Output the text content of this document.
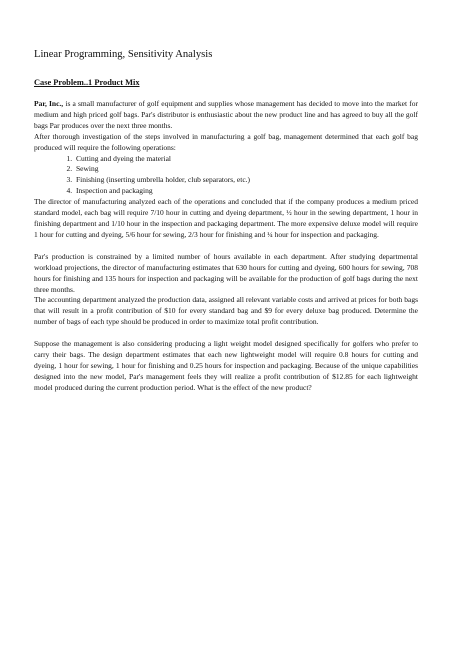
Linear Programming, Sensitivity Analysis
Case Problem..1 Product Mix

Par, Inc., is a small manufacturer of golf equipment and supplies whose management has decided to move into the market for medium and high priced golf bags. Par's distributor is enthusiastic about the new product line and has agreed to buy all the golf bags Par produces over the next three months.

After thorough investigation of the steps involved in manufacturing a golf bag, management determined that each golf bag produced will require the following operations:

1. Cutting and dyeing the material
2. Sewing
3. Finishing (inserting umbrella holder, club separators, etc.)
4. Inspection and packaging

The director of manufacturing analyzed each of the operations and concluded that if the company produces a medium priced standard model, each bag will require 7/10 hour in cutting and dyeing department, ½ hour in the sewing department, 1 hour in finishing department and 1/10 hour in the inspection and packaging department. The more expensive deluxe model will require 1 hour for cutting and dyeing, 5/6 hour for sewing, 2/3 hour for finishing and ¼ hour for inspection and packaging.

Par's production is constrained by a limited number of hours available in each department. After studying departmental workload projections, the director of manufacturing estimates that 630 hours for cutting and dyeing, 600 hours for sewing, 708 hours for finishing and 135 hours for inspection and packaging will be available for the production of golf bags during the next three months.

The accounting department analyzed the production data, assigned all relevant variable costs and arrived at prices for both bags that will result in a profit contribution of $10 for every standard bag and $9 for every deluxe bag produced. Determine the number of bags of each type should be produced in order to maximize total profit contribution.

Suppose the management is also considering producing a light weight model designed specifically for golfers who prefer to carry their bags. The design department estimates that each new lightweight model will require 0.8 hours for cutting and dyeing, 1 hour for sewing, 1 hour for finishing and 0.25 hours for inspection and packaging. Because of the unique capabilities designed into the new model, Par's management feels they will realize a profit contribution of $12.85 for each lightweight model produced during the current production period. What is the effect of the new product?
